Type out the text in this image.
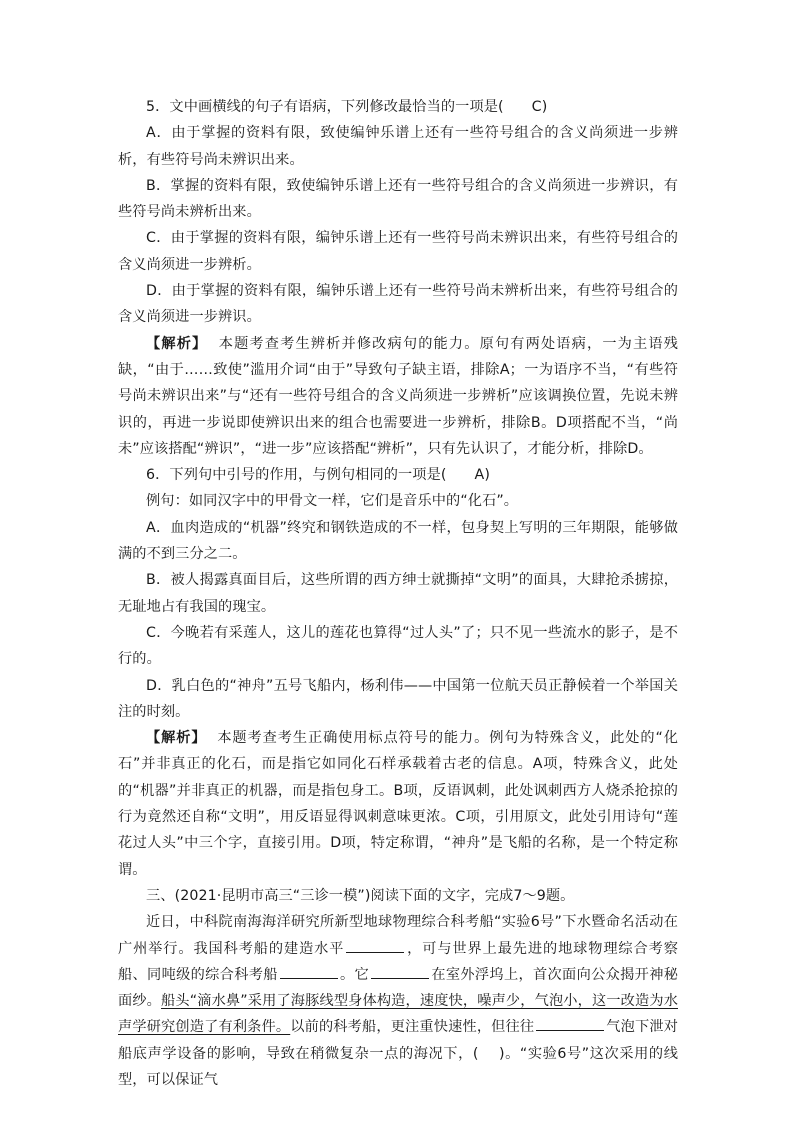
5．文中画横线的句子有语病，下列修改最恰当的一项是( C)

A．由于掌握的资料有限，致使编钟乐谱上还有一些符号组合的含义尚须进一步辨析，有些符号尚未辨识出来。

B．掌握的资料有限，致使编钟乐谱上还有一些符号组合的含义尚须进一步辨识，有些符号尚未辨析出来。

C．由于掌握的资料有限，编钟乐谱上还有一些符号尚未辨识出来，有些符号组合的含义尚须进一步辨析。

D．由于掌握的资料有限，编钟乐谱上还有一些符号尚未辨析出来，有些符号组合的含义尚须进一步辨识。

【解析】 本题考查考生辨析并修改病句的能力。原句有两处语病，一为主语残缺，“由于……致使”滥用介词“由于”导致句子缺主语，排除A；一为语序不当，“有些符号尚未辨识出来”与“还有一些符号组合的含义尚须进一步辨析”应该调换位置，先说未辨识的，再进一步说即使辨识出来的组合也需要进一步辨析，排除B。D项搭配不当，“尚未”应该搭配“辨识”，“进一步”应该搭配“辨析”，只有先认识了，才能分析，排除D。

6．下列句中引号的作用，与例句相同的一项是( A)

例句：如同汉字中的甲骨文一样，它们是音乐中的“化石”。

A．血肉造成的“机器”终究和钢铁造成的不一样，包身契上写明的三年期限，能够做满的不到三分之二。

B．被人揭露真面目后，这些所谓的西方绅士就撕掉“文明”的面具，大肆抢杀掳掠，无耻地占有我国的瑰宝。

C．今晚若有采莲人，这儿的莲花也算得“过人头”了；只不见一些流水的影子，是不行的。

D．乳白色的“神舟”五号飞船内，杨利伟——中国第一位航天员正静候着一个举国关注的时刻。

【解析】 本题考查考生正确使用标点符号的能力。例句为特殊含义，此处的“化石”并非真正的化石，而是指它如同化石样承载着古老的信息。A项，特殊含义，此处的“机器”并非真正的机器，而是指包身工。B项，反语讽刺，此处讽刺西方人烧杀抢掠的行为竟然还自称“文明”，用反语显得讽刺意味更浓。C项，引用原文，此处引用诗句“莲花过人头”中三个字，直接引用。D项，特定称谓，“神舟”是飞船的名称，是一个特定称谓。

三、(2021·昆明市高三“三诊一模”)阅读下面的文字，完成7～9题。

近日，中科院南海海洋研究所新型地球物理综合科考船“实验6号”下水暨命名活动在广州举行。我国科考船的建造水平	，可与世界上最先进的地球物理综合考察船、同吨级的综合科考船	。它	在室外浮坞上，首次面向公众揭开神秘面纱。船头“滴水鼻”采用了海豚线型身体构造，速度快，噪声少，气泡小，这一改造为水声学研究创造了有利条件。以前的科考船，更注重快速性，但往往	气泡下泄对船底声学设备的影响，导致在稍微复杂一点的海况下，( )。“实验6号”这次采用的线型，可以保证气
